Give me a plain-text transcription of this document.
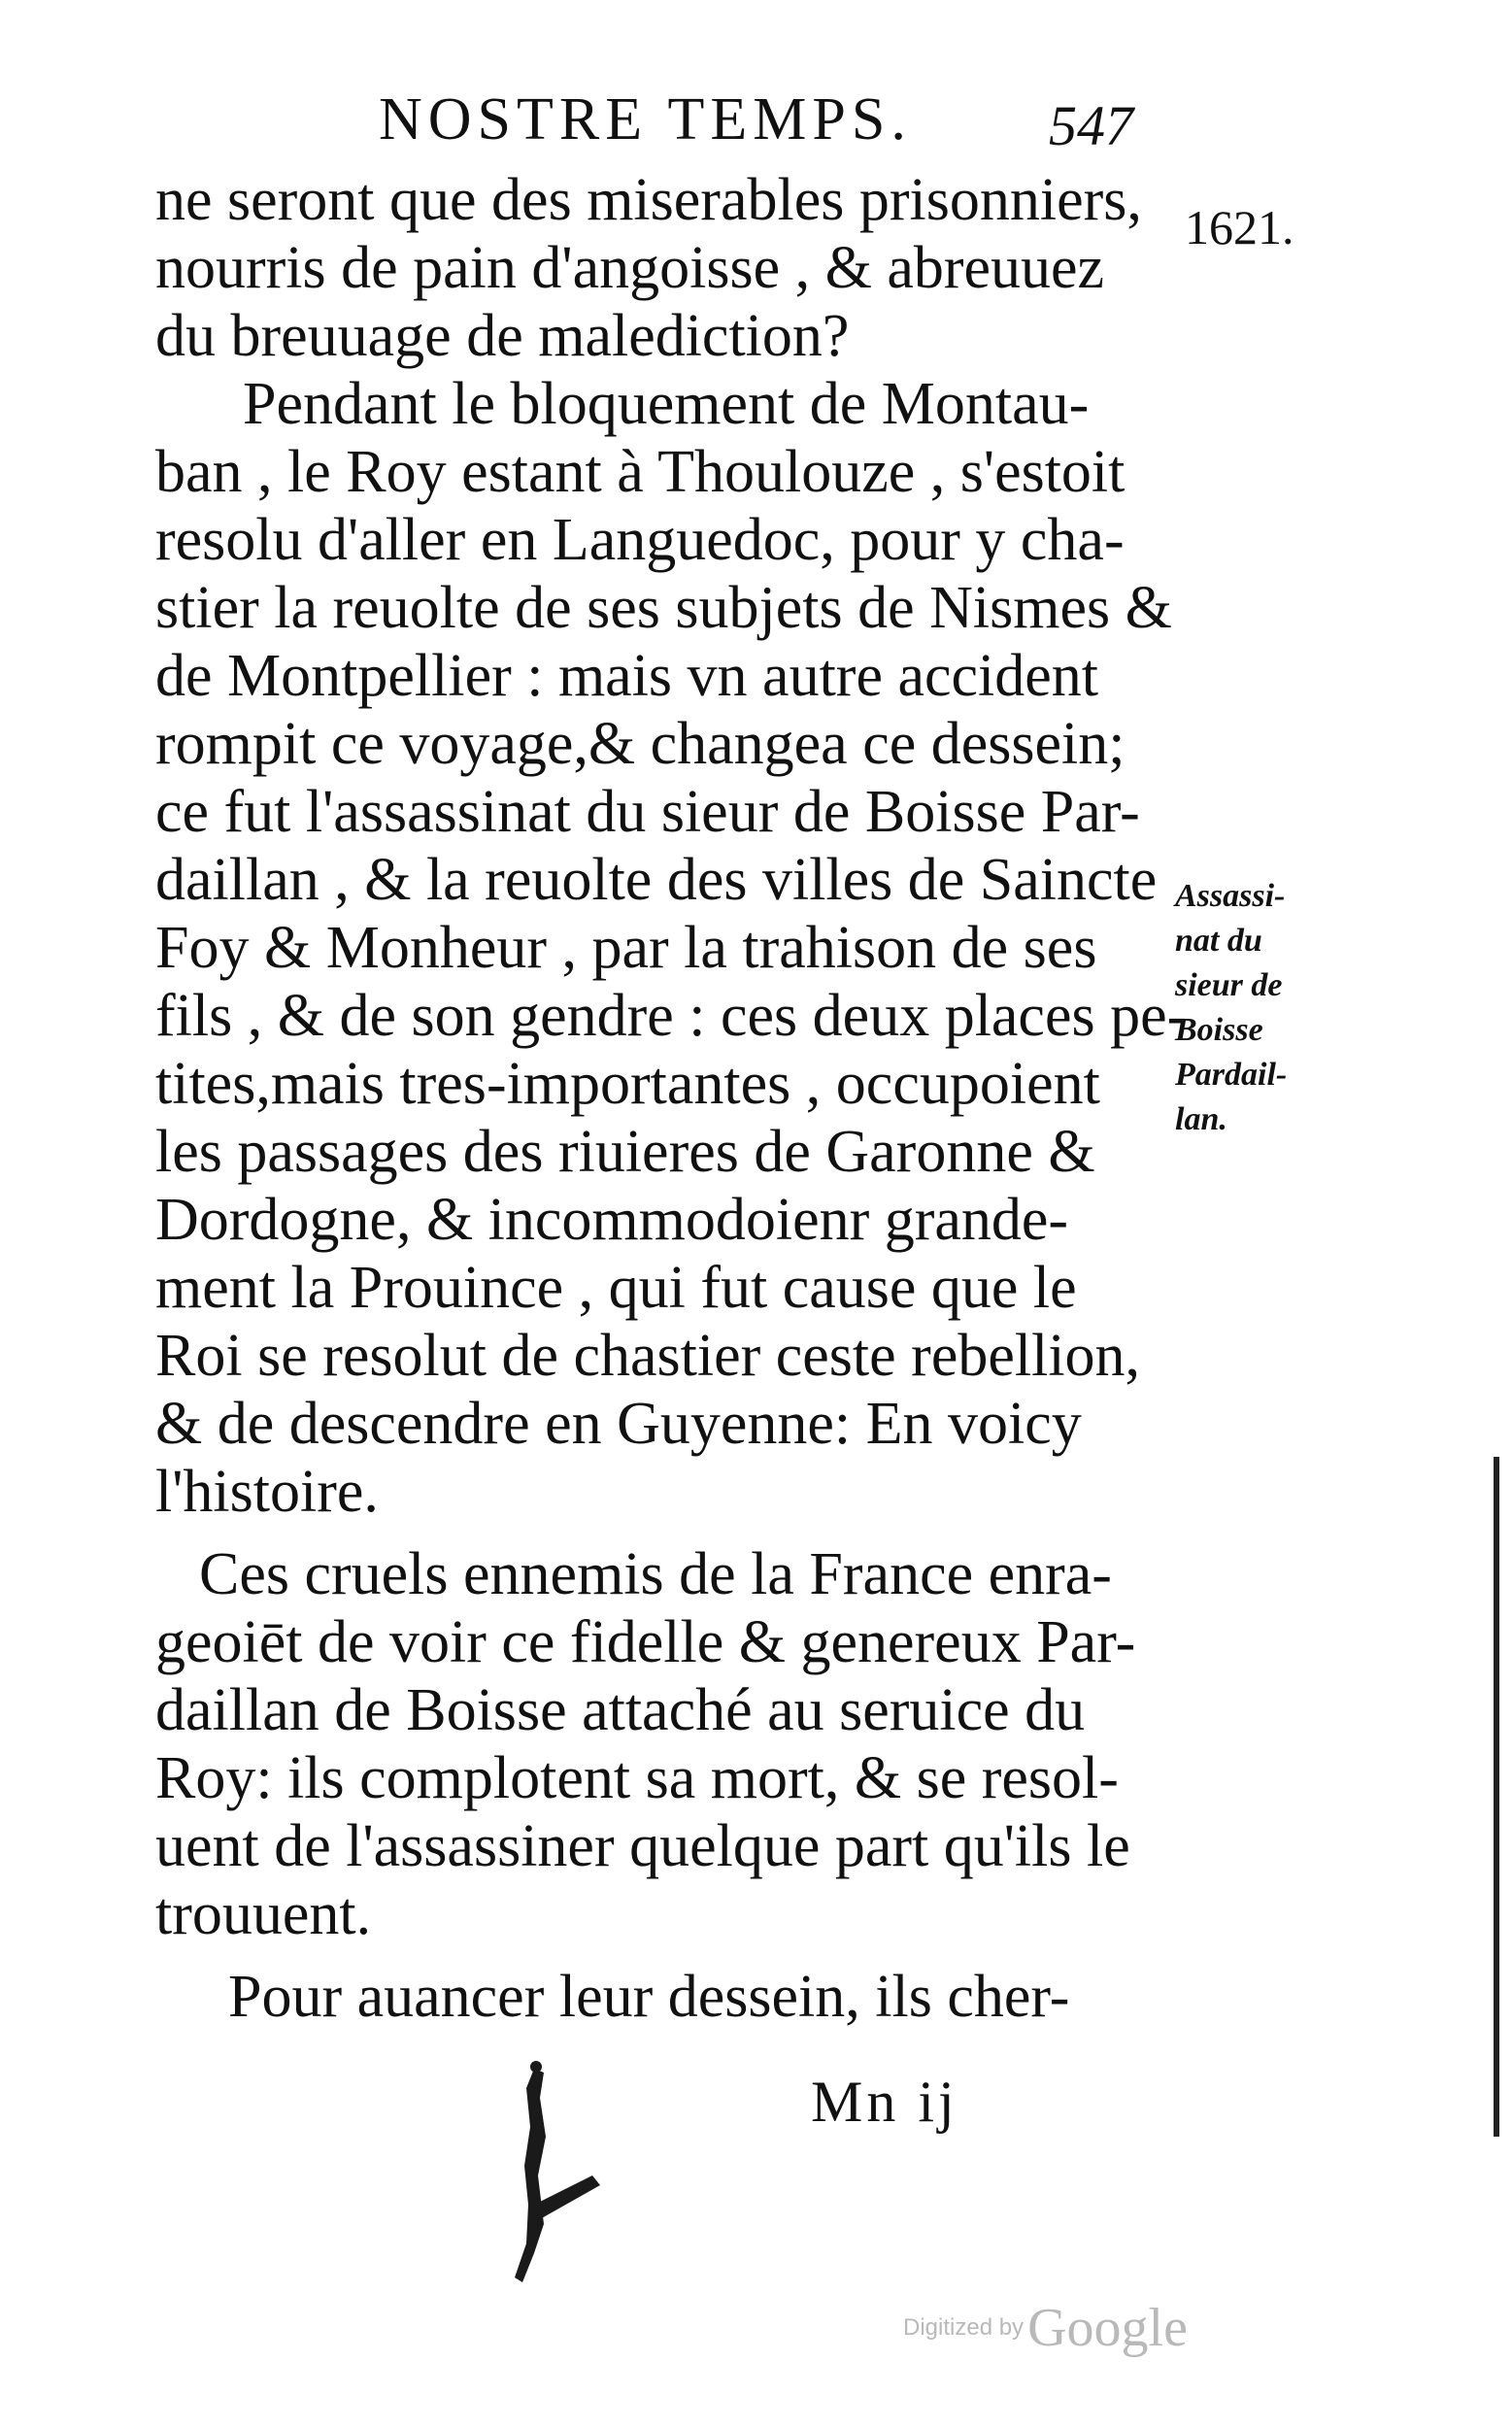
NOSTRE TEMPS. 547
1621.
ne seront que des miserables prisonniers,
nourris de pain d'angoisse , & abreuuez
du breuuage de malediction?
Pendant le bloquement de Montau-
ban , le Roy estant à Thoulouze , s'estoit
resolu d'aller en Languedoc, pour y cha-
stier la reuolte de ses subjets de Nismes &
de Montpellier : mais vn autre accident
rompit ce voyage,& changea ce dessein;
ce fut l'assassinat du sieur de Boisse Par-
daillan , & la reuolte des villes de Saincte
Foy & Monheur , par la trahison de ses
fils , & de son gendre : ces deux places pe-
tites,mais tres-importantes , occupoient
les passages des riuieres de Garonne &
Dordogne, & incommodoienr grande-
ment la Prouince , qui fut cause que le
Roi se resolut de chastier ceste rebellion,
& de descendre en Guyenne: En voicy
l'histoire.
Ces cruels ennemis de la France enra-
geoiēt de voir ce fidelle & genereux Par-
daillan de Boisse attaché au seruice du
Roy: ils complotent sa mort, & se resol-
uent de l'assassiner quelque part qu'ils le
trouuent.
Pour auancer leur dessein, ils cher-
Assassi-
nat du
sieur de
Boisse
Pardail-
lan.
Mn ij
Digitized by Google
